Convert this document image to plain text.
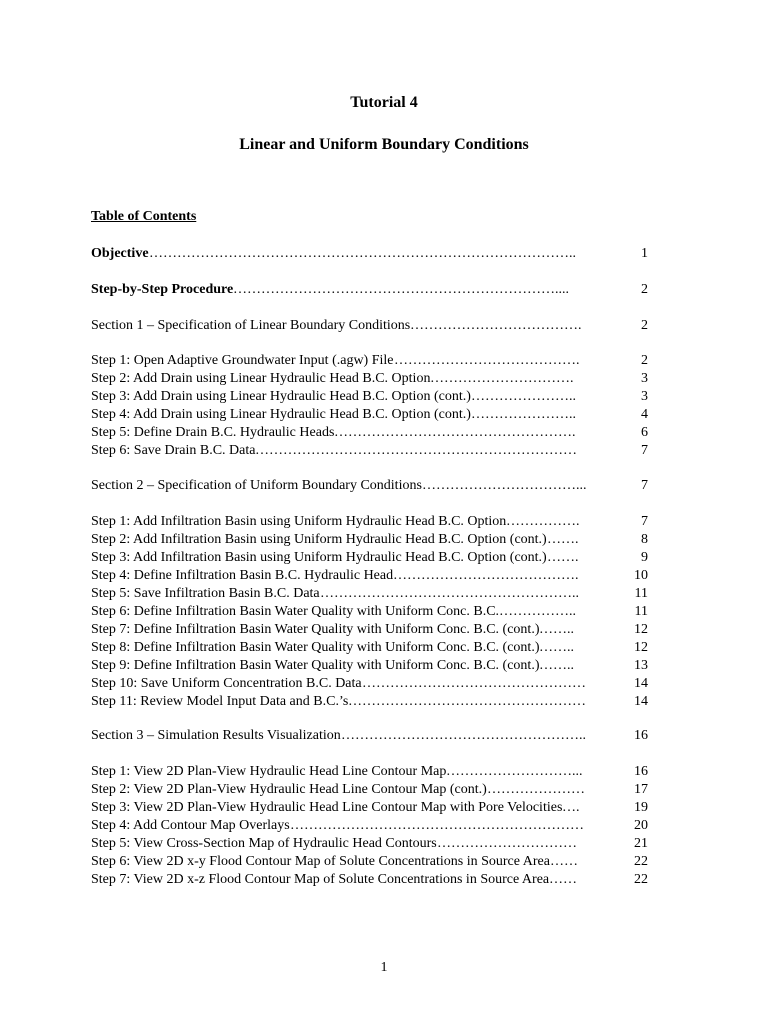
Tutorial 4
Linear and Uniform Boundary Conditions
Table of Contents
Objective ………………………………………………………………………………..	1
Step-by-Step Procedure ……………………………………………………………....	2
Section 1 – Specification of Linear Boundary Conditions ……………………………….	2
Step 1: Open Adaptive Groundwater Input (.agw) File ………………………………….	2
Step 2: Add Drain using Linear Hydraulic Head B.C. Option ………………………….	3
Step 3: Add Drain using Linear Hydraulic Head B.C. Option (cont.) …………………..	3
Step 4: Add Drain using Linear Hydraulic Head B.C. Option (cont.) …………………..	4
Step 5: Define Drain B.C. Hydraulic Heads …………………………………………….	6
Step 6: Save Drain B.C. Data ……………………………………………………………	7
Section 2 – Specification of Uniform Boundary Conditions ……………………………...	7
Step 1: Add Infiltration Basin using Uniform Hydraulic Head B.C. Option …………….	7
Step 2: Add Infiltration Basin using Uniform Hydraulic Head B.C. Option (cont.) …….	8
Step 3: Add Infiltration Basin using Uniform Hydraulic Head B.C. Option (cont.) …….	9
Step 4: Define Infiltration Basin B.C. Hydraulic Head ………………………………….	10
Step 5: Save Infiltration Basin B.C. Data ………………………………………………..	11
Step 6: Define Infiltration Basin Water Quality with Uniform Conc. B.C. ……………..	11
Step 7: Define Infiltration Basin Water Quality with Uniform Conc. B.C. (cont.) ……..	12
Step 8: Define Infiltration Basin Water Quality with Uniform Conc. B.C. (cont.) ……..	12
Step 9: Define Infiltration Basin Water Quality with Uniform Conc. B.C. (cont.) ……..	13
Step 10: Save Uniform Concentration B.C. Data …………………………………………	14
Step 11: Review Model Input Data and B.C.’s ……………………………………………	14
Section 3 – Simulation Results Visualization ……………………………………………..	16
Step 1: View 2D Plan-View Hydraulic Head Line Contour Map ………………………...	16
Step 2: View 2D Plan-View Hydraulic Head Line Contour Map (cont.) …………………	17
Step 3: View 2D Plan-View Hydraulic Head Line Contour Map with Pore Velocities ….	19
Step 4: Add Contour Map Overlays ………………………………………………………	20
Step 5: View Cross-Section Map of Hydraulic Head Contours …………………………	21
Step 6: View 2D x-y Flood Contour Map of Solute Concentrations in Source Area ……	22
Step 7: View 2D x-z Flood Contour Map of Solute Concentrations in Source Area ……	22
1
